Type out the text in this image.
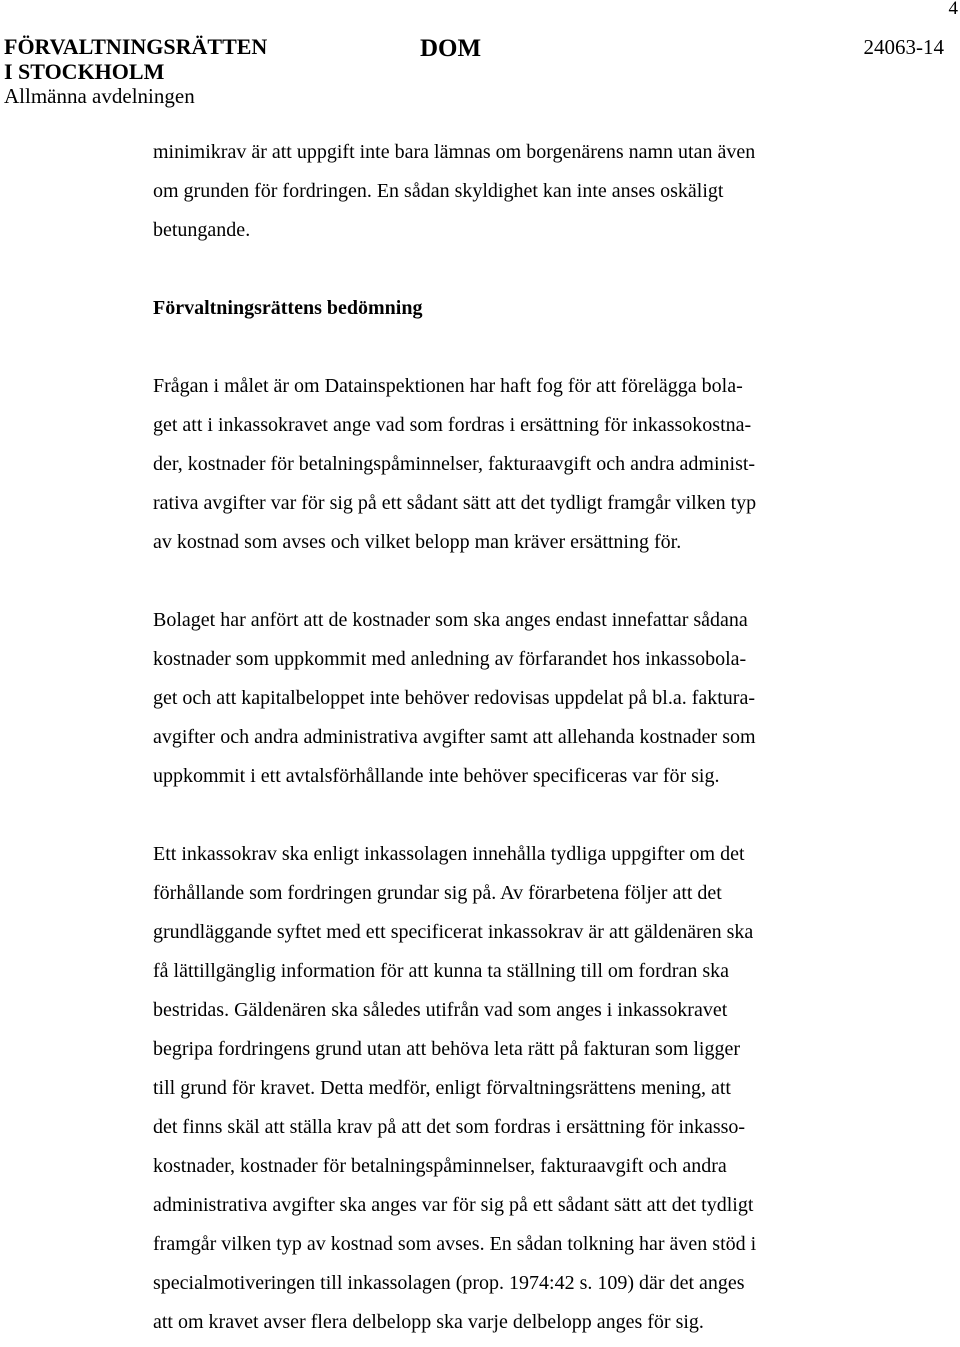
4

FÖRVALTNINGSRÄTTEN
I STOCKHOLM

Allmänna avdelningen

DOM	24063-14

minimikrav är att uppgift inte bara lämnas om borgenärens namn utan även
om grunden för fordringen. En sådan skyldighet kan inte anses oskäligt
betungande.

Förvaltningsrättens bedömning

Frågan i målet är om Datainspektionen har haft fog för att förelägga bola-
get att i inkassokravet ange vad som fordras i ersättning för inkassokostna-
der, kostnader för betalningspåminnelser, fakturaavgift och andra administ-
rativa avgifter var för sig på ett sådant sätt att det tydligt framgår vilken typ
av kostnad som avses och vilket belopp man kräver ersättning för.

Bolaget har anfört att de kostnader som ska anges endast innefattar sådana
kostnader som uppkommit med anledning av förfarandet hos inkassobola-
get och att kapitalbeloppet inte behöver redovisas uppdelat på bl.a. faktura-
avgifter och andra administrativa avgifter samt att allehanda kostnader som
uppkommit i ett avtalsförhållande inte behöver specificeras var för sig.

Ett inkassokrav ska enligt inkassolagen innehålla tydliga uppgifter om det
förhållande som fordringen grundar sig på. Av förarbetena följer att det
grundläggande syftet med ett specificerat inkassokrav är att gäldenären ska
få lättillgänglig information för att kunna ta ställning till om fordran ska
bestridas. Gäldenären ska således utifrån vad som anges i inkassokravet
begripa fordringens grund utan att behöva leta rätt på fakturan som ligger
till grund för kravet. Detta medför, enligt förvaltningsrättens mening, att
det finns skäl att ställa krav på att det som fordras i ersättning för inkasso-
kostnader, kostnader för betalningspåminnelser, fakturaavgift och andra
administrativa avgifter ska anges var för sig på ett sådant sätt att det tydligt
framgår vilken typ av kostnad som avses. En sådan tolkning har även stöd i
specialmotiveringen till inkassolagen (prop. 1974:42 s. 109) där det anges
att om kravet avser flera delbelopp ska varje delbelopp anges för sig.
